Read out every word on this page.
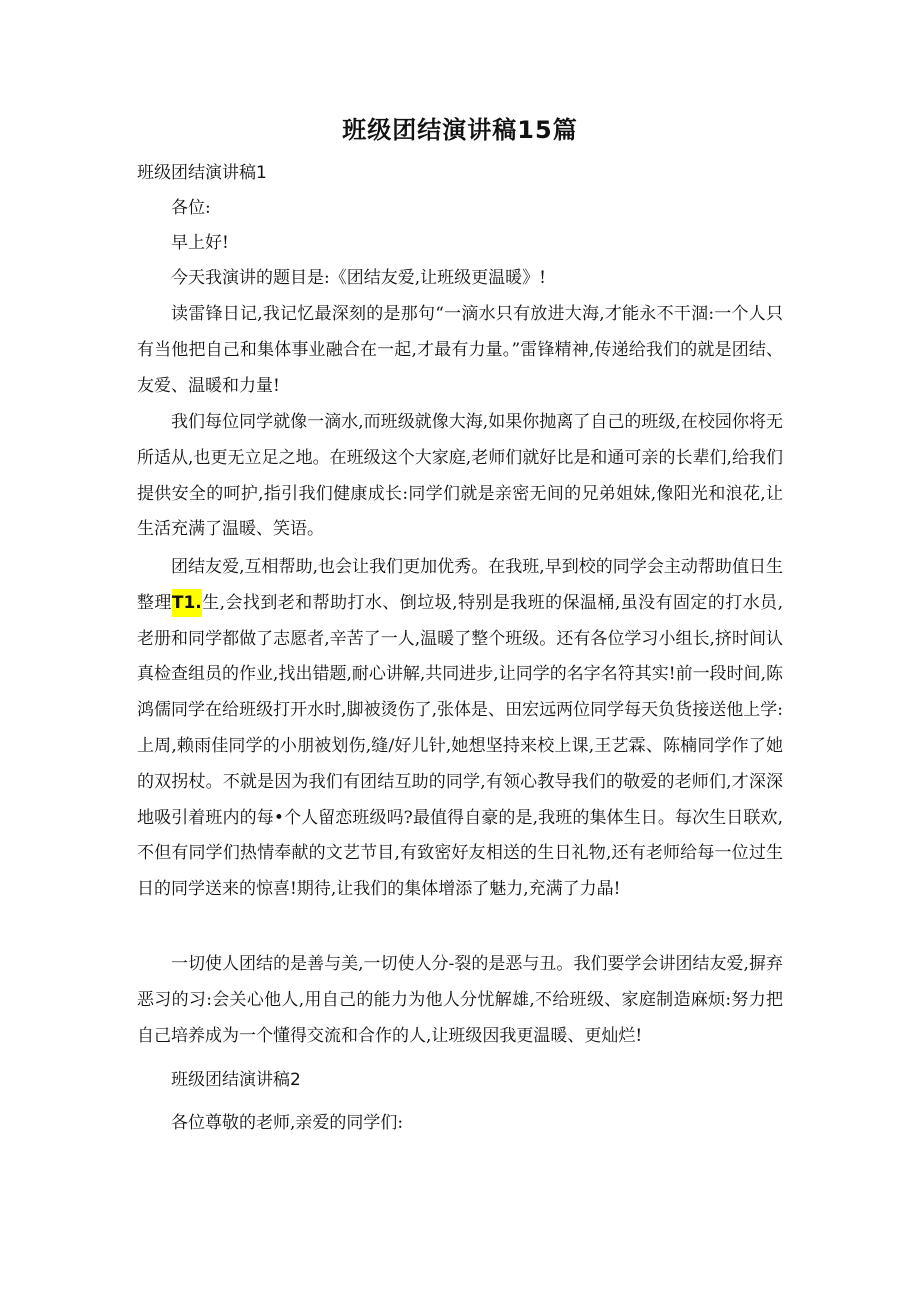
班级团结演讲稿15篇

班级团结演讲稿1

各位:

早上好!

今天我演讲的题目是:《团结友爱,让班级更温暖》!

读雷锋日记,我记忆最深刻的是那句“一滴水只有放进大海,才能永不干涸:一个人只有当他把自己和集体事业融合在一起,才最有力量。”雷锋精神,传递给我们的就是团结、友爱、温暖和力量!

我们每位同学就像一滴水,而班级就像大海,如果你抛离了自己的班级,在校园你将无所适从,也更无立足之地。在班级这个大家庭,老师们就好比是和通可亲的长辈们,给我们提供安全的呵护,指引我们健康成长:同学们就是亲密无间的兄弟姐妹,像阳光和浪花,让生活充满了温暖、笑语。

团结友爱,互相帮助,也会让我们更加优秀。在我班,早到校的同学会主动帮助值日生整理T1.生,会找到老和帮助打水、倒垃圾,特别是我班的保温桶,虽没有固定的打水员,老册和同学都做了志愿者,辛苦了一人,温暖了整个班级。还有各位学习小组长,挤时间认真检查组员的作业,找出错题,耐心讲解,共同进步,让同学的名字名符其实!前一段时间,陈鸿儒同学在给班级打开水时,脚被烫伤了,张体是、田宏远两位同学每天负货接送他上学:上周,赖雨佳同学的小朋被划伤,缝/好儿针,她想坚持来校上课,王艺霖、陈楠同学作了她的双拐杖。不就是因为我们有团结互助的同学,有领心教导我们的敬爱的老师们,才深深地吸引着班内的每•个人留恋班级吗?最值得自豪的是,我班的集体生日。每次生日联欢,不但有同学们热情奉献的文艺节目,有致密好友相送的生日礼物,还有老师给每一位过生日的同学送来的惊喜!期待,让我们的集体增添了魅力,充满了力晶!

一切使人团结的是善与美,一切使人分-裂的是恶与丑。我们要学会讲团结友爱,摒弃恶习的习:会关心他人,用自己的能力为他人分忧解雄,不给班级、家庭制造麻烦:努力把自己培养成为一个懂得交流和合作的人,让班级因我更温暖、更灿烂!

班级团结演讲稿2

各位尊敬的老师,亲爱的同学们:
